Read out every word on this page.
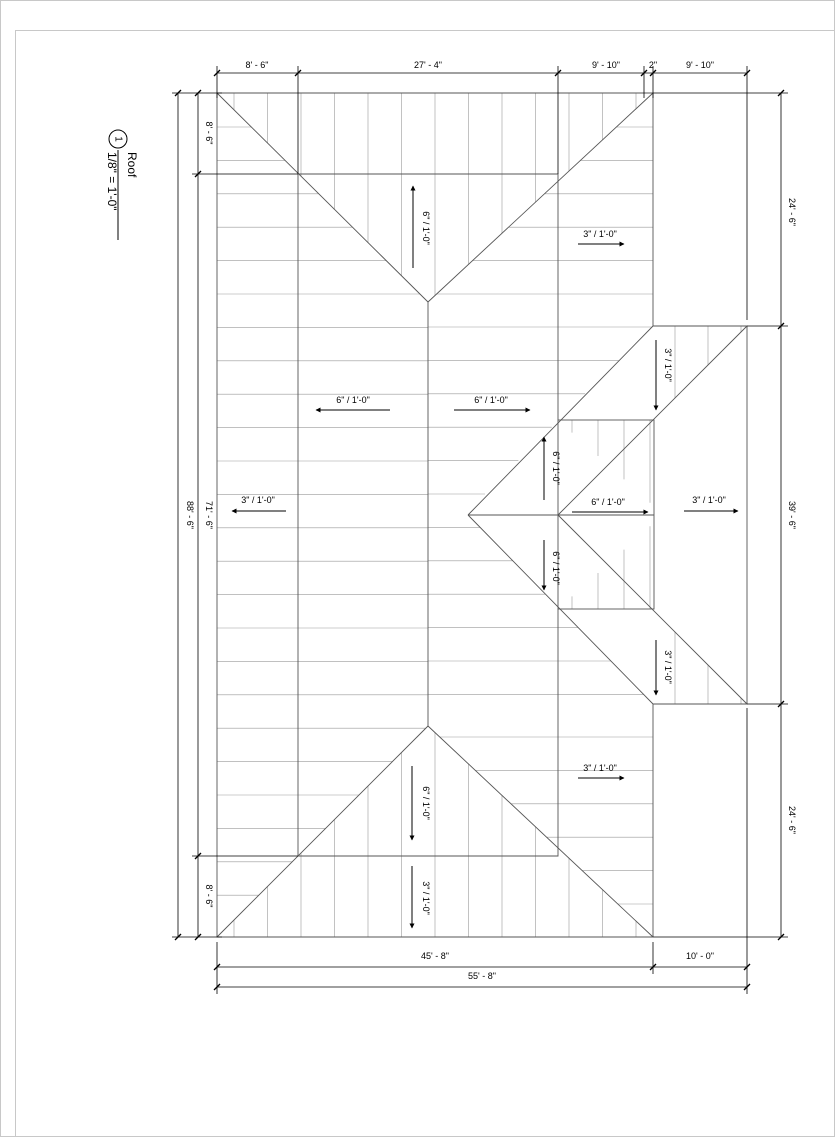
1
Roof
1/8" = 1'-0"
8' - 6"	27' - 4"	9' - 10"	2"	9' - 10"
88' - 6"
8' - 6"
71' - 6"
8' - 6"
24' - 6"
39' - 6"
24' - 6"
45' - 8"	10' - 0"
55' - 8"
6" / 1'-0"	3" / 1'-0"
6" / 1'-0"	6" / 1'-0"
3" / 1'-0"
3" / 1'-0"
6" / 1'-0"
6" / 1'-0"	3" / 1'-0"
6" / 1'-0"
3" / 1'-0"
3" / 1'-0"
6" / 1'-0"
3" / 1'-0"
